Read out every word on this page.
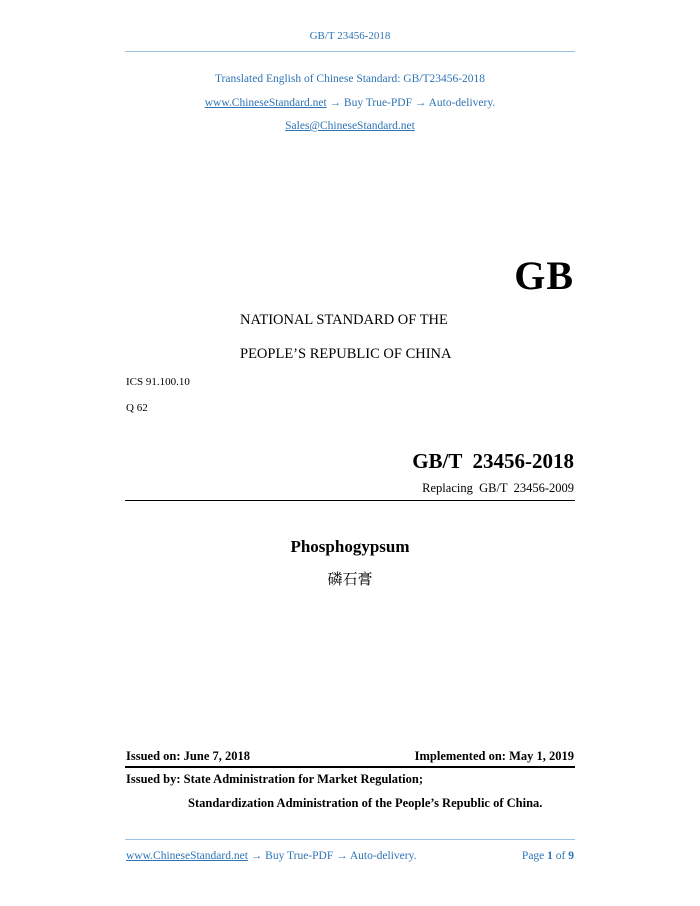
GB/T 23456-2018
Translated English of Chinese Standard: GB/T23456-2018
www.ChineseStandard.net → Buy True-PDF → Auto-delivery.
Sales@ChineseStandard.net
GB
NATIONAL STANDARD OF THE
PEOPLE’S REPUBLIC OF CHINA
ICS 91.100.10
Q 62
GB/T  23456-2018
Replacing  GB/T  23456-2009
Phosphogypsum
磷石膏
Issued on: June 7, 2018	Implemented on: May 1, 2019
Issued by: State Administration for Market Regulation;
Standardization Administration of the People’s Republic of China.
www.ChineseStandard.net → Buy True-PDF → Auto-delivery.	Page 1 of 9
